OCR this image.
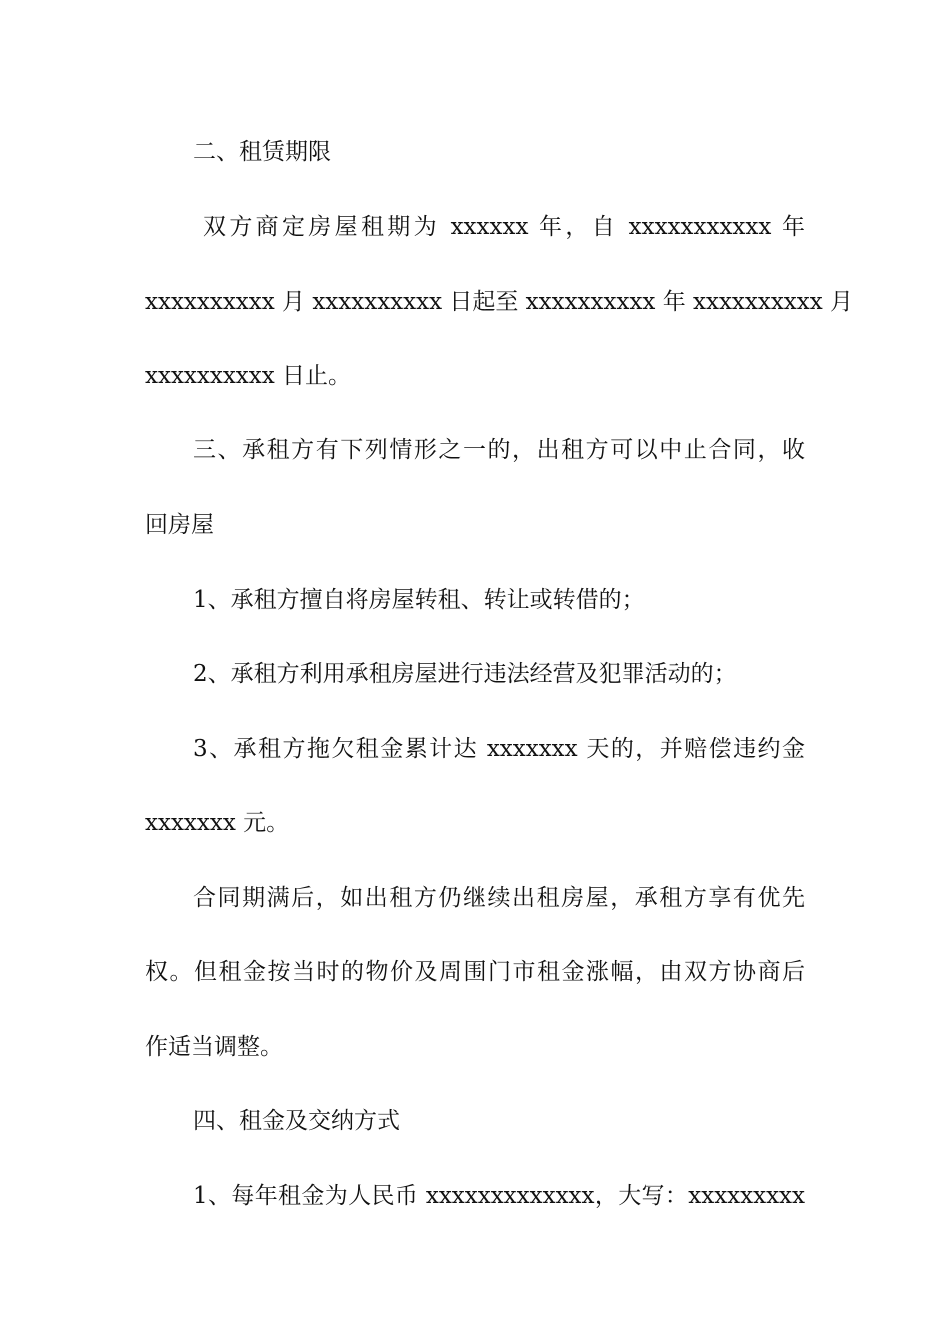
二、租赁期限

双方商定房屋租期为 xxxxxx 年，自 xxxxxxxxxxx 年

xxxxxxxxxx 月 xxxxxxxxxx 日起至 xxxxxxxxxx 年 xxxxxxxxxx 月

xxxxxxxxxx 日止。

三、承租方有下列情形之一的，出租方可以中止合同，收

回房屋

1、承租方擅自将房屋转租、转让或转借的；

2、承租方利用承租房屋进行违法经营及犯罪活动的；

3、承租方拖欠租金累计达 xxxxxxx 天的，并赔偿违约金

xxxxxxx 元。

合同期满后，如出租方仍继续出租房屋，承租方享有优先

权。但租金按当时的物价及周围门市租金涨幅，由双方协商后

作适当调整。

四、租金及交纳方式

1、每年租金为人民币 xxxxxxxxxxxxx，大写：xxxxxxxxx
